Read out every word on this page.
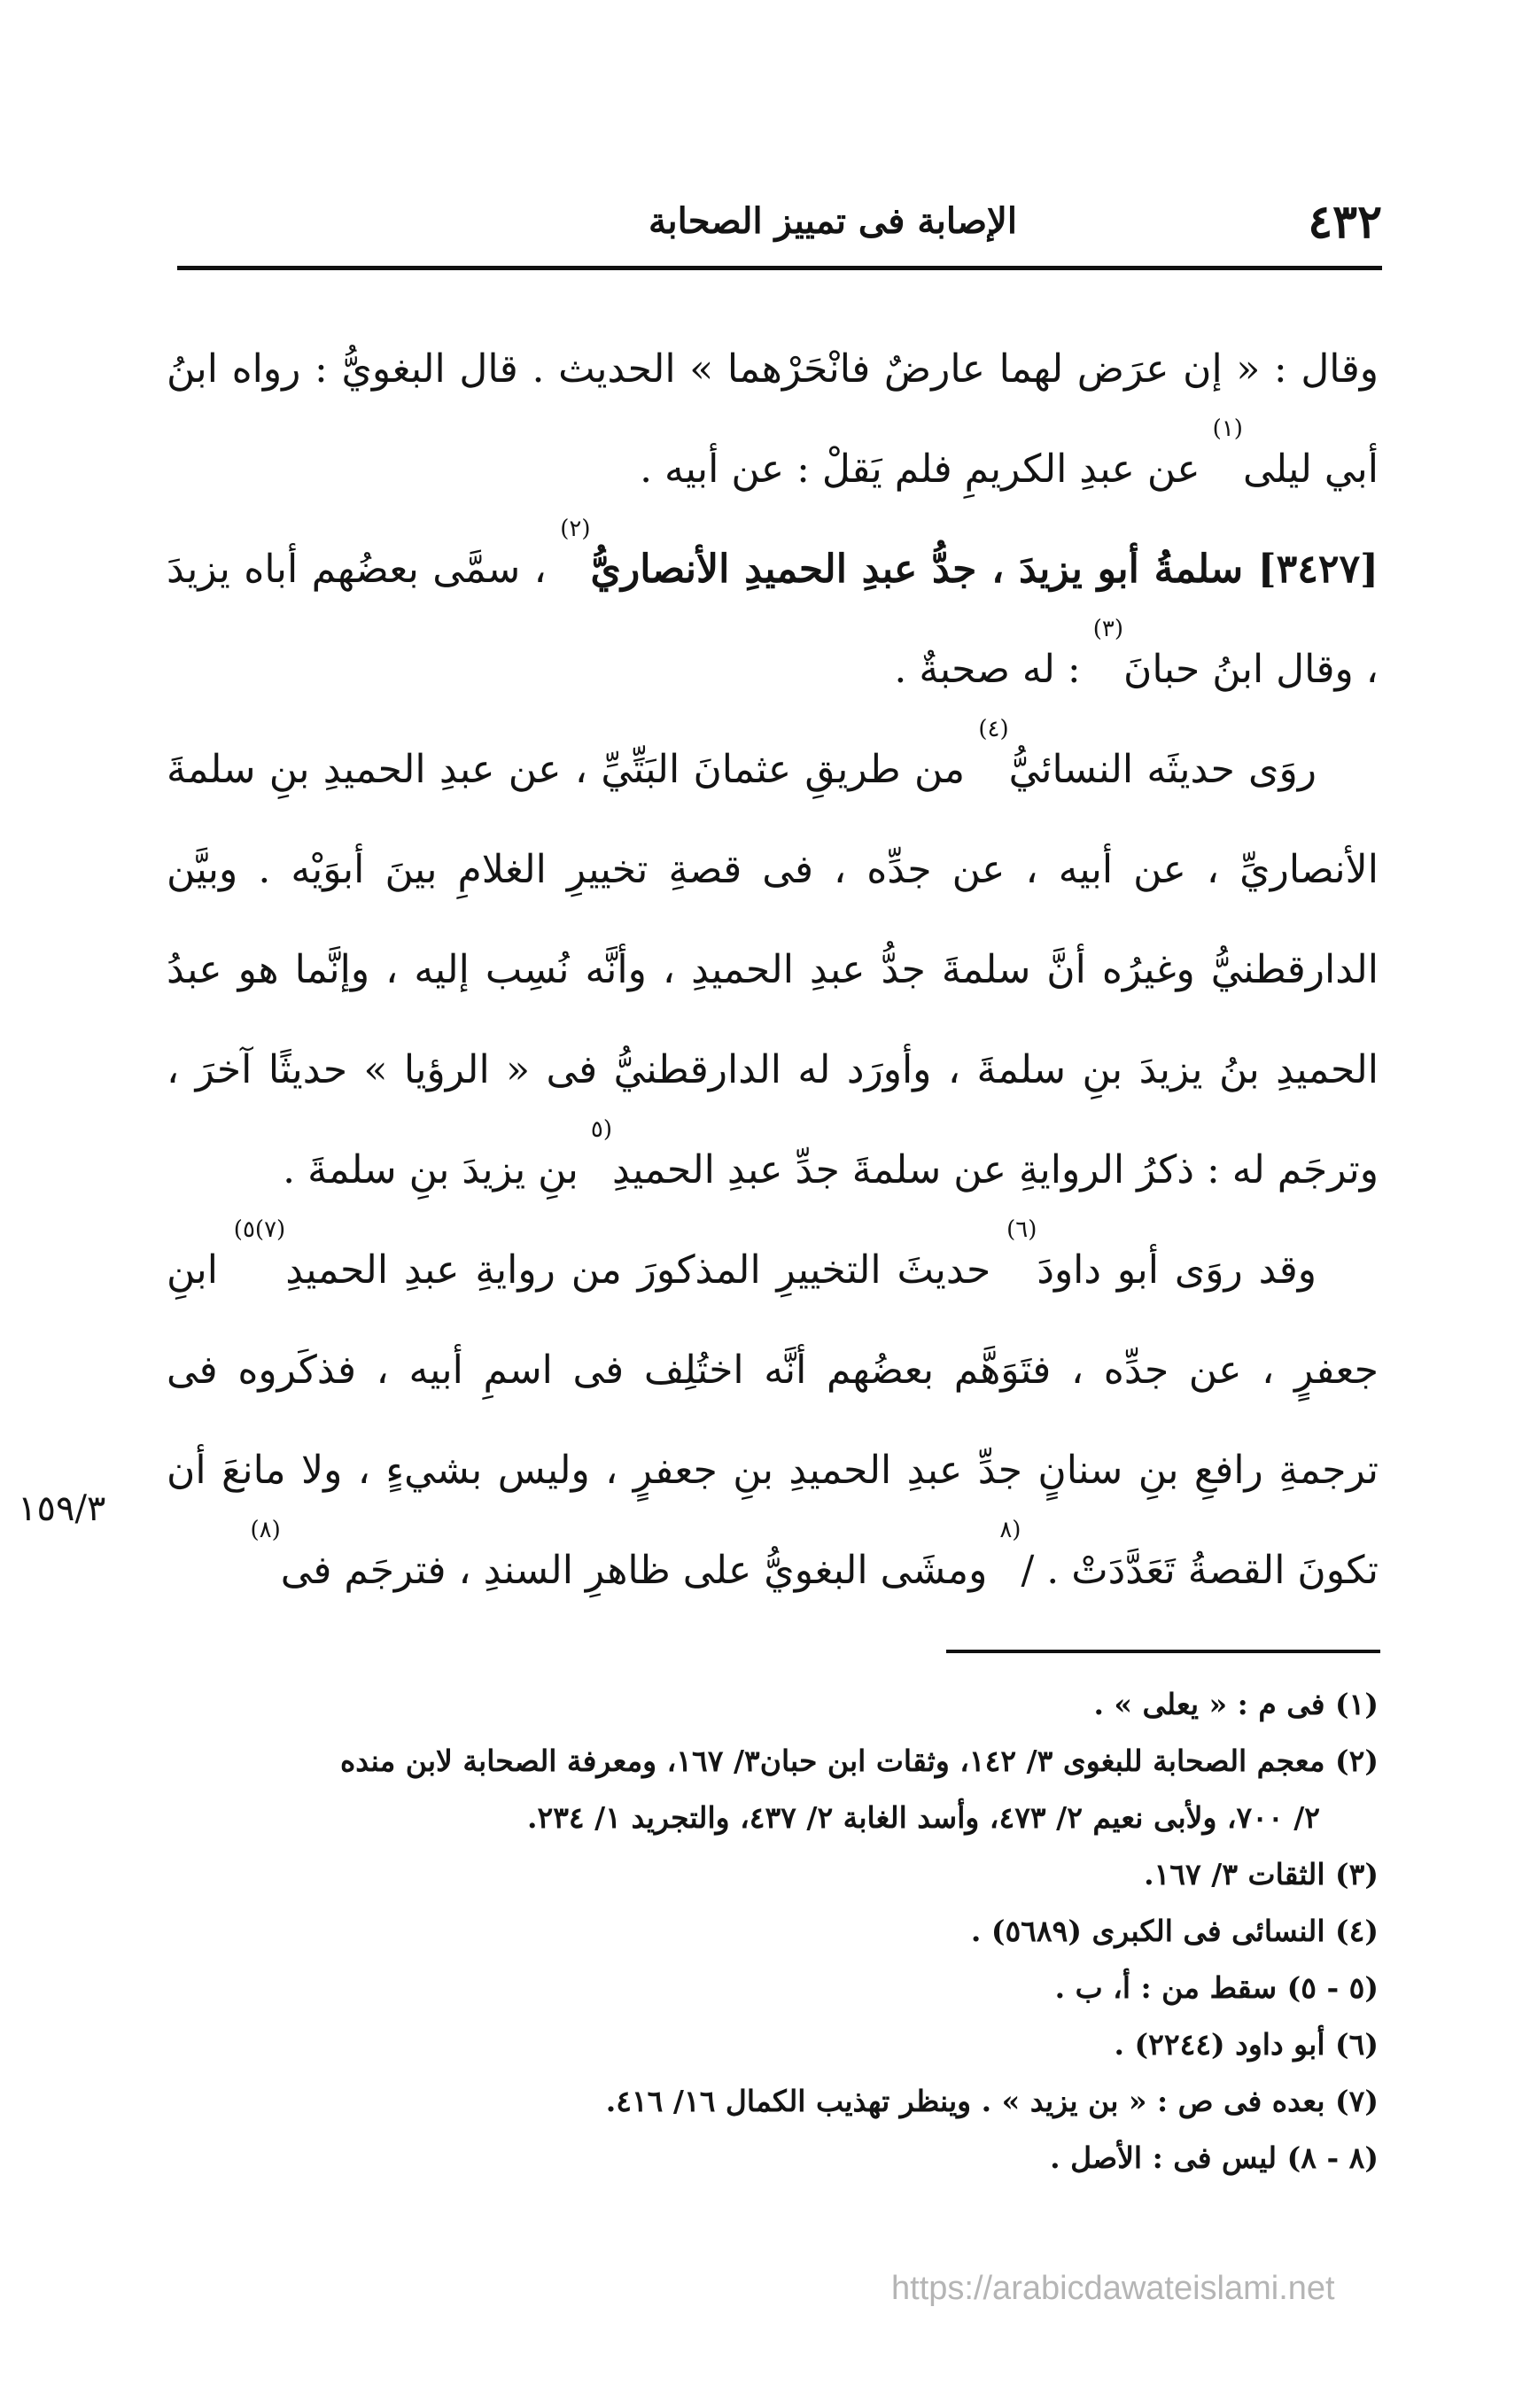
٤٣٢
الإصابة فى تمييز الصحابة

وقال : « إن عرَض لهما عارضٌ فانْحَرْهما » الحديث . قال البغويُّ : رواه ابنُ أبي ليلى$^{(١)}$ عن عبدِ الكريمِ فلم يَقلْ : عن أبيه .

[٣٤٢٧] سلمةُ أبو يزيدَ ، جدُّ عبدِ الحميدِ الأنصاريُّ$^{(٢)}$ ، سمَّى بعضُهم أباه يزيدَ ، وقال ابنُ حبانَ$^{(٣)}$ : له صحبةٌ .

روَى حديثَه النسائيُّ$^{(٤)}$ من طريقِ عثمانَ البَتِّيِّ ، عن عبدِ الحميدِ بنِ سلمةَ الأنصاريِّ ، عن أبيه ، عن جدِّه ، فى قصةِ تخييرِ الغلامِ بينَ أبوَيْه . وبيَّن الدارقطنيُّ وغيرُه أنَّ سلمةَ جدُّ عبدِ الحميدِ ، وأنَّه نُسِب إليه ، وإنَّما هو عبدُ الحميدِ بنُ يزيدَ بنِ سلمةَ ، وأورَد له الدارقطنيُّ فى « الرؤيا » حديثًا آخرَ ، وترجَم له : ذكرُ الروايةِ عن سلمةَ جدِّ عبدِ الحميدِ$^{(٥}$ بنِ يزيدَ بنِ سلمةَ .

وقد روَى أبو داودَ$^{(٦)}$ حديثَ التخييرِ المذكورَ من روايةِ عبدِ الحميدِ$^{(٧)٥)}$ ابنِ جعفرٍ ، عن جدِّه ، فتَوَهَّم بعضُهم أنَّه اختُلِف فى اسمِ أبيه ، فذكَروه فى ترجمةِ رافعِ بنِ سنانٍ جدِّ عبدِ الحميدِ بنِ جعفرٍ ، وليس بشيءٍ ، ولا مانعَ أن تكونَ القصةُ تَعَدَّدَتْ . /$^{(٨}$ ومشَى البغويُّ على ظاهرِ السندِ ، فترجَم فى$^{(٨)}$

١٥٩/٣

(١) فى م : « يعلى » .

(٢) معجم الصحابة للبغوى ٣/ ١٤٢، وثقات ابن حبان٣/ ١٦٧، ومعرفة الصحابة لابن منده

٢/ ٧٠٠، ولأبى نعيم ٢/ ٤٧٣، وأسد الغابة ٢/ ٤٣٧، والتجريد ١/ ٢٣٤.

(٣) الثقات ٣/ ١٦٧.

(٤) النسائى فى الكبرى (٥٦٨٩) .

(٥ - ٥) سقط من : أ، ب .

(٦) أبو داود (٢٢٤٤) .

(٧) بعده فى ص : « بن يزيد » . وينظر تهذيب الكمال ١٦/ ٤١٦.

(٨ - ٨) ليس فى : الأصل .

https://arabicdawateislami.net
